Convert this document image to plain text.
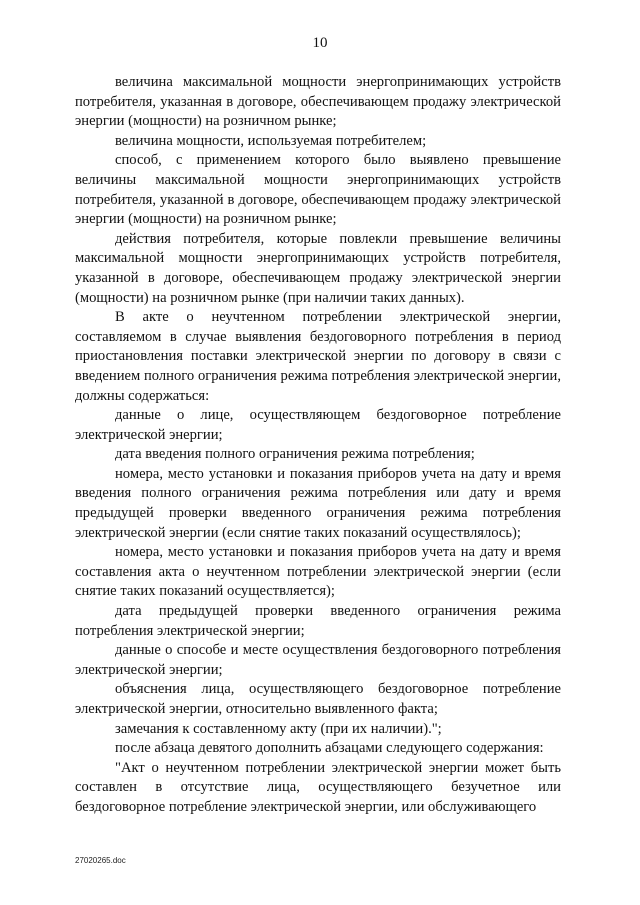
10

величина максимальной мощности энергопринимающих устройств потребителя, указанная в договоре, обеспечивающем продажу электрической энергии (мощности) на розничном рынке;

величина мощности, используемая потребителем;

способ, с применением которого было выявлено превышение величины максимальной мощности энергопринимающих устройств потребителя, указанной в договоре, обеспечивающем продажу электрической энергии (мощности) на розничном рынке;

действия потребителя, которые повлекли превышение величины максимальной мощности энергопринимающих устройств потребителя, указанной в договоре, обеспечивающем продажу электрической энергии (мощности) на розничном рынке (при наличии таких данных).

В акте о неучтенном потреблении электрической энергии, составляемом в случае выявления бездоговорного потребления в период приостановления поставки электрической энергии по договору в связи с введением полного ограничения режима потребления электрической энергии, должны содержаться:

данные о лице, осуществляющем бездоговорное потребление электрической энергии;

дата введения полного ограничения режима потребления;

номера, место установки и показания приборов учета на дату и время введения полного ограничения режима потребления или дату и время предыдущей проверки введенного ограничения режима потребления электрической энергии (если снятие таких показаний осуществлялось);

номера, место установки и показания приборов учета на дату и время составления акта о неучтенном потреблении электрической энергии (если снятие таких показаний осуществляется);

дата предыдущей проверки введенного ограничения режима потребления электрической энергии;

данные о способе и месте осуществления бездоговорного потребления электрической энергии;

объяснения лица, осуществляющего бездоговорное потребление электрической энергии, относительно выявленного факта;

замечания к составленному акту (при их наличии).";

после абзаца девятого дополнить абзацами следующего содержания:

"Акт о неучтенном потреблении электрической энергии может быть составлен в отсутствие лица, осуществляющего безучетное или бездоговорное потребление электрической энергии, или обслуживающего

27020265.doc
